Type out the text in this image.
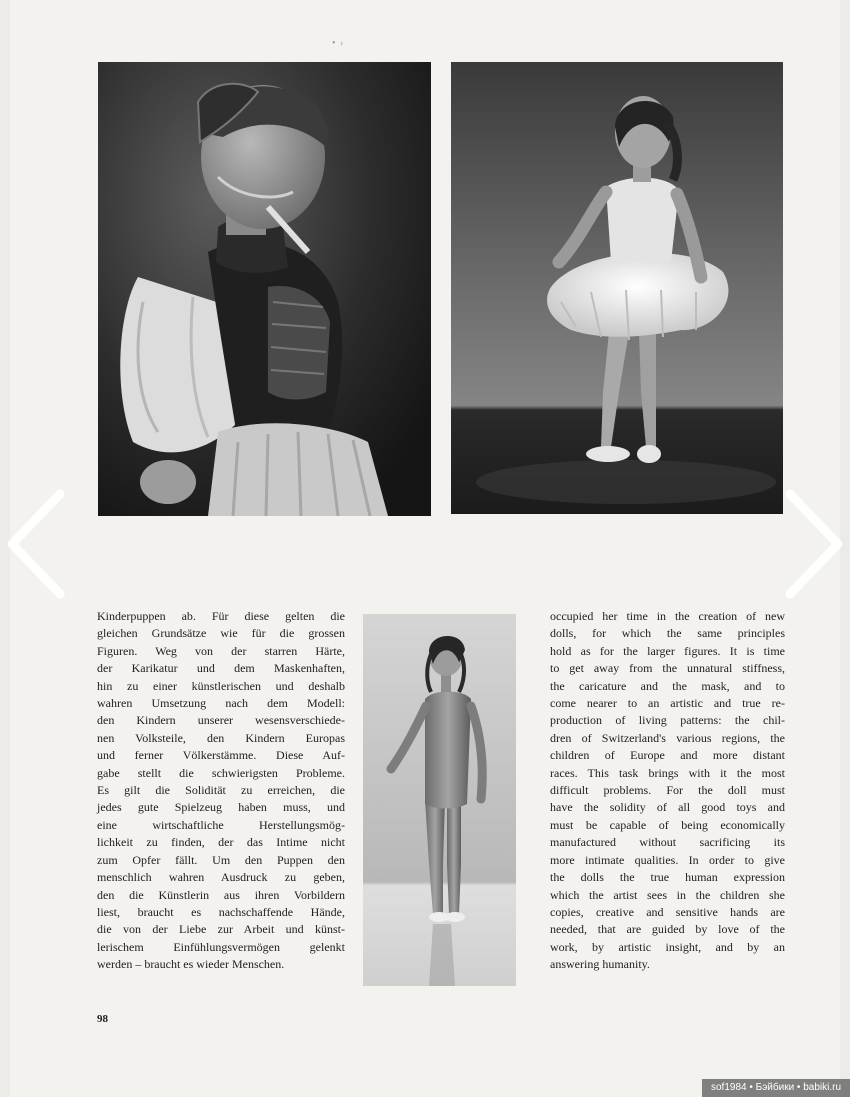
• ›
Kinderpuppen ab. Für diese gelten die
gleichen Grundsätze wie für die grossen
Figuren. Weg von der starren Härte,
der Karikatur und dem Maskenhaften,
hin zu einer künstlerischen und deshalb
wahren Umsetzung nach dem Modell:
den Kindern unserer wesensverschiede-
nen Volksteile, den Kindern Europas
und ferner Völkerstämme. Diese Auf-
gabe stellt die schwierigsten Probleme.
Es gilt die Solidität zu erreichen, die
jedes gute Spielzeug haben muss, und
eine wirtschaftliche Herstellungsmög-
lichkeit zu finden, der das Intime nicht
zum Opfer fällt. Um den Puppen den
menschlich wahren Ausdruck zu geben,
den die Künstlerin aus ihren Vorbildern
liest, braucht es nachschaffende Hände,
die von der Liebe zur Arbeit und künst-
lerischem Einfühlungsvermögen gelenkt
werden – braucht es wieder Menschen.
occupied her time in the creation of new
dolls, for which the same principles
hold as for the larger figures. It is time
to get away from the unnatural stiffness,
the caricature and the mask, and to
come nearer to an artistic and true re-
production of living patterns: the chil-
dren of Switzerland's various regions, the
children of Europe and more distant
races. This task brings with it the most
difficult problems. For the doll must
have the solidity of all good toys and
must be capable of being economically
manufactured without sacrificing its
more intimate qualities. In order to give
the dolls the true human expression
which the artist sees in the children she
copies, creative and sensitive hands are
needed, that are guided by love of the
work, by artistic insight, and by an
answering humanity.
98
sof1984 • Бэйбики • babiki.ru
